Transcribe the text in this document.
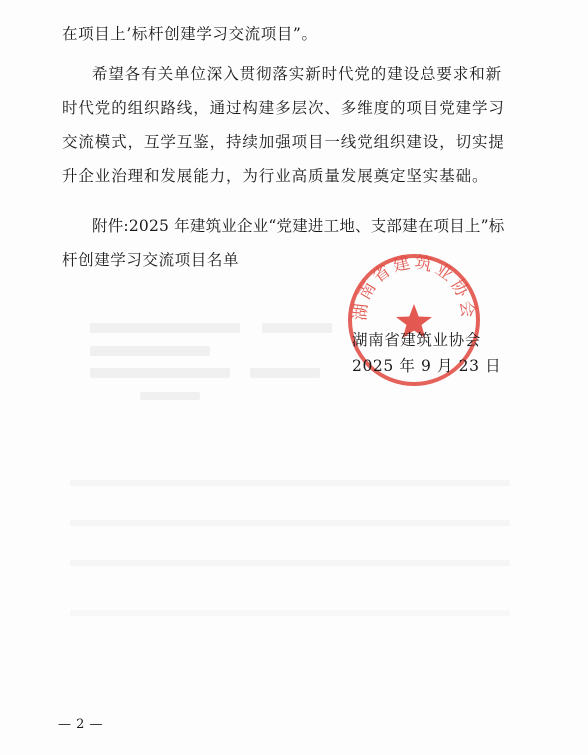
在项目上’标杆创建学习交流项目”。
希望各有关单位深入贯彻落实新时代党的建设总要求和新
时代党的组织路线，通过构建多层次、多维度的项目党建学习
交流模式，互学互鉴，持续加强项目一线党组织建设，切实提
升企业治理和发展能力，为行业高质量发展奠定坚实基础。
附件:2025 年建筑业企业“党建进工地、支部建在项目上”标
杆创建学习交流项目名单
湖南省建筑业协会
湖南省建筑业协会
2025 年 9 月 23 日
— 2 —
